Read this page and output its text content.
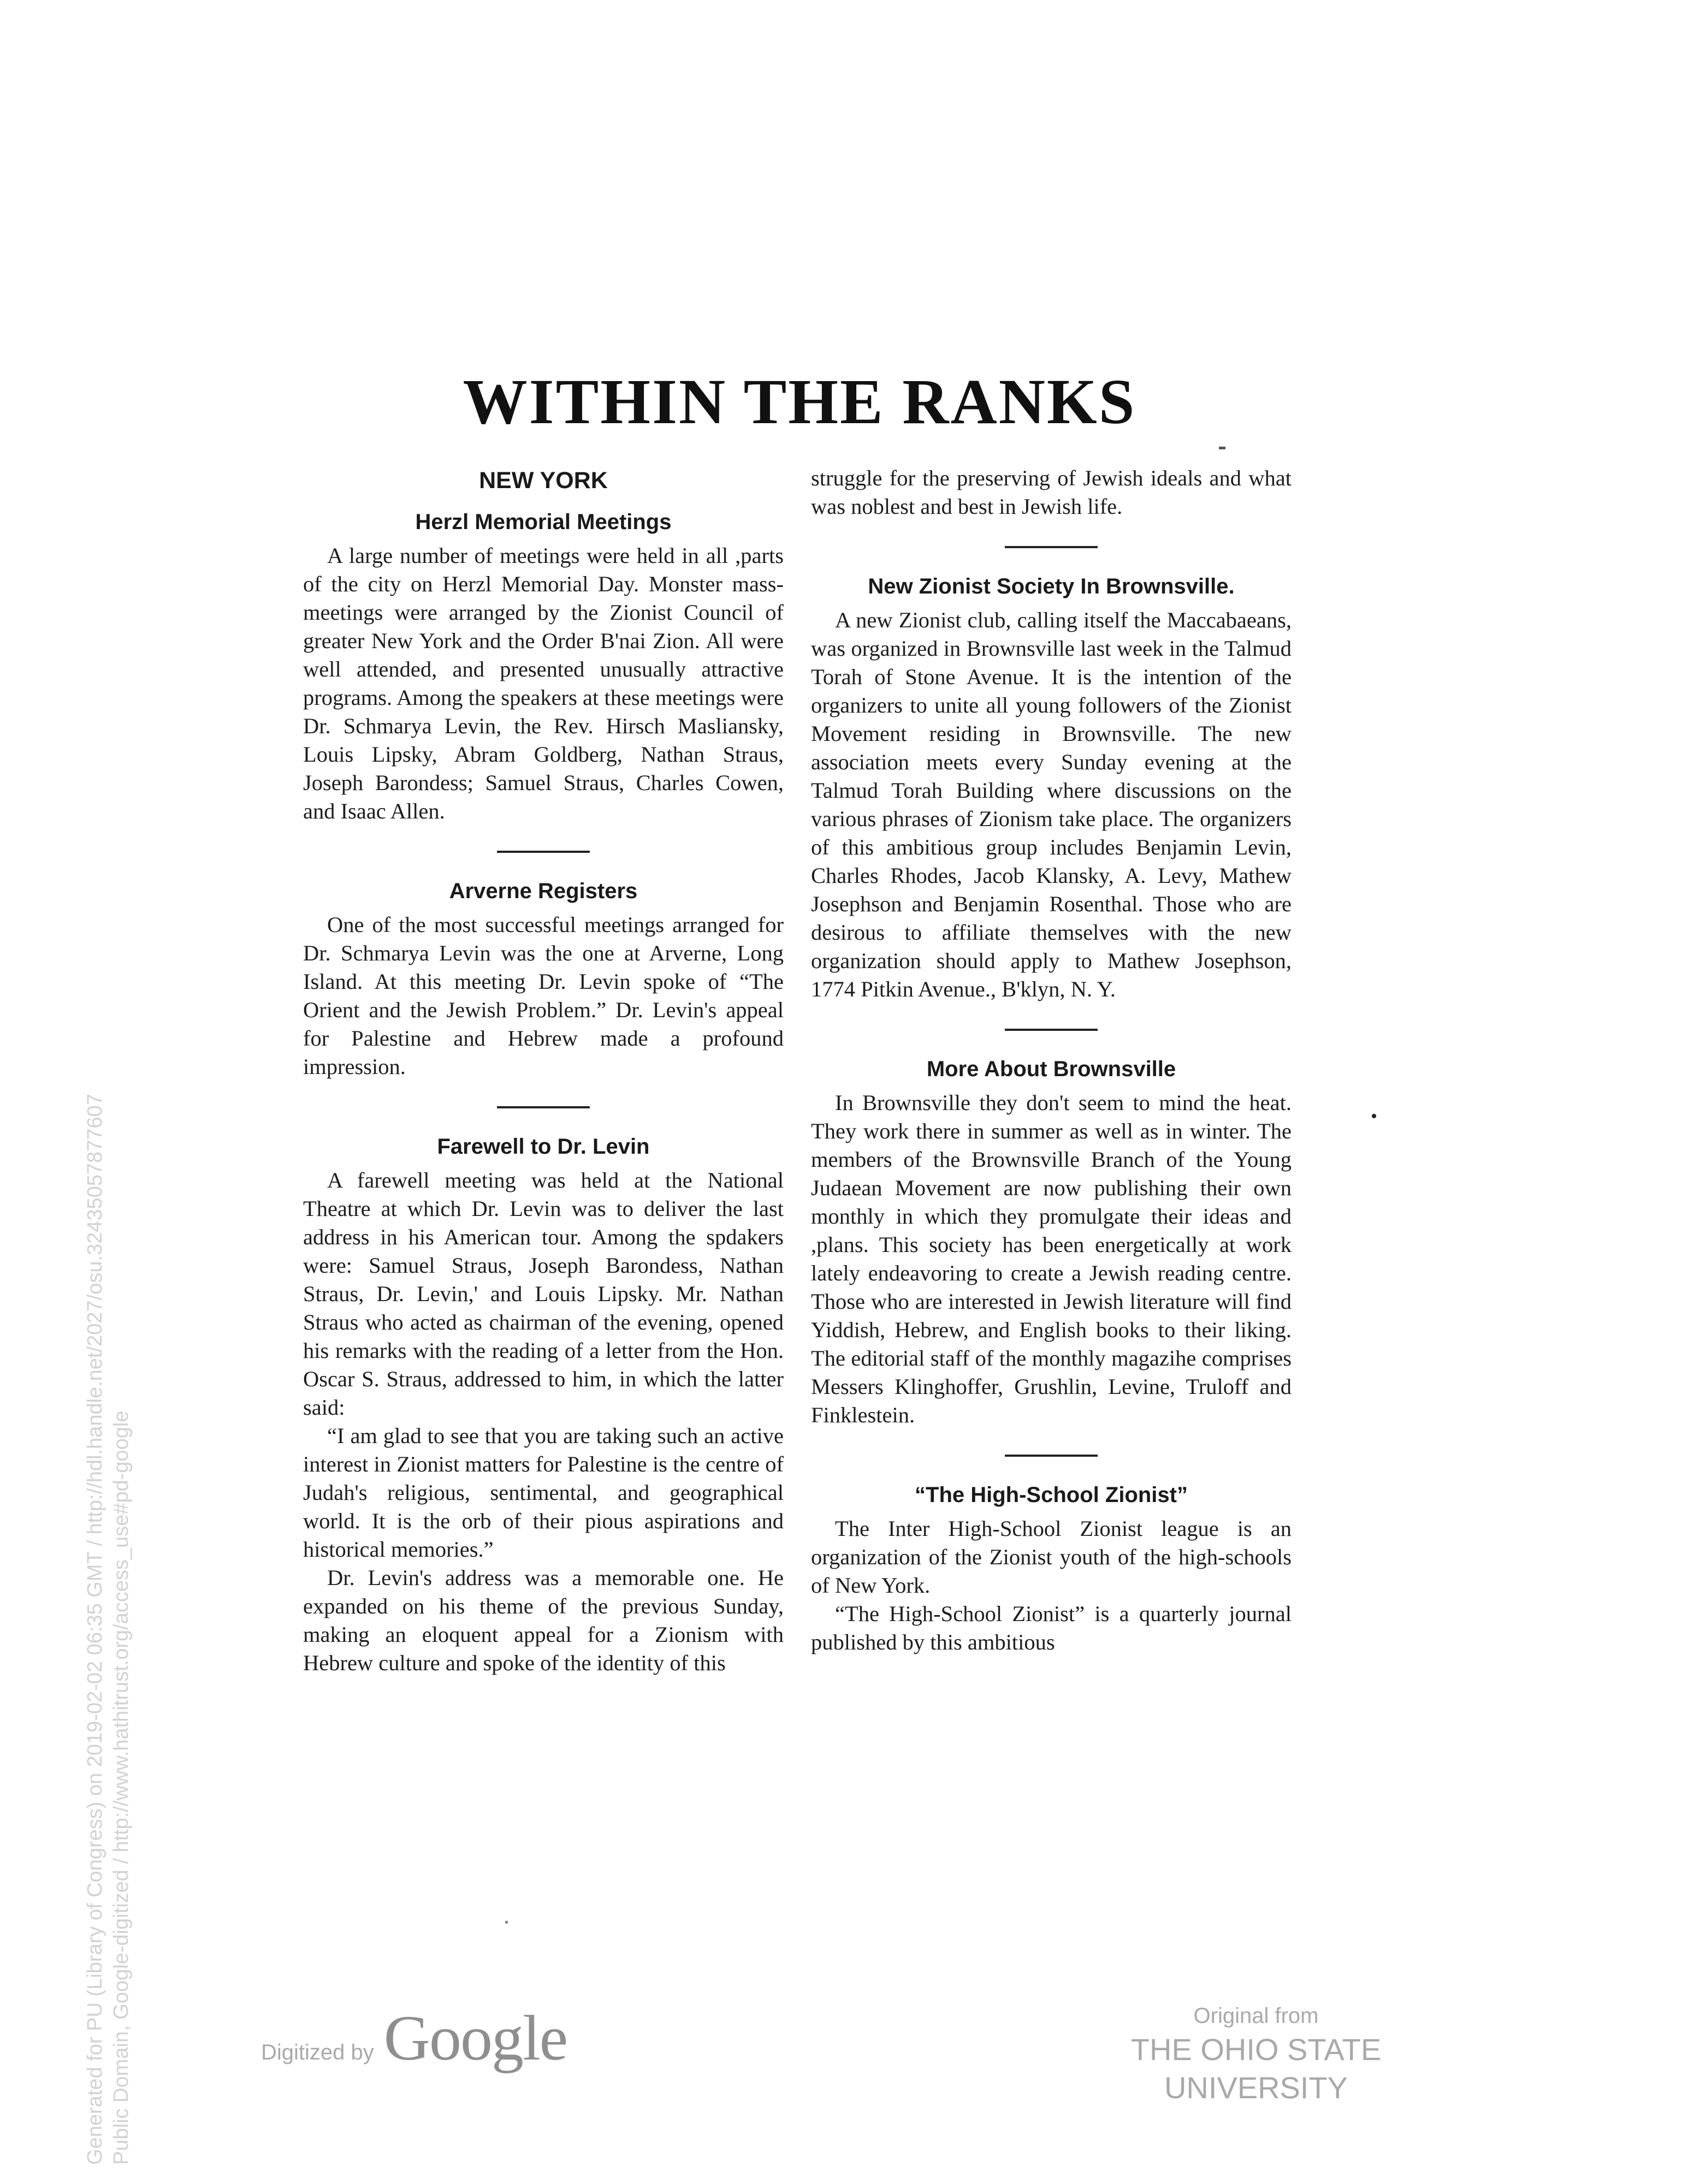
WITHIN THE RANKS
NEW YORK
Herzl Memorial Meetings

A large number of meetings were held in all ,parts of the city on Herzl Memorial Day. Monster mass-meetings were arranged by the Zionist Council of greater New York and the Order B'nai Zion. All were well attended, and presented unusually attractive programs. Among the speakers at these meetings were Dr. Schmarya Levin, the Rev. Hirsch Masliansky, Louis Lipsky, Abram Goldberg, Nathan Straus, Joseph Barondess; Samuel Straus, Charles Cowen, and Isaac Allen.

Arverne Registers

One of the most successful meetings arranged for Dr. Schmarya Levin was the one at Arverne, Long Island. At this meeting Dr. Levin spoke of “The Orient and the Jewish Problem.” Dr. Levin's appeal for Palestine and Hebrew made a profound impression.

Farewell to Dr. Levin

A farewell meeting was held at the National Theatre at which Dr. Levin was to deliver the last address in his American tour. Among the spdakers were: Samuel Straus, Joseph Barondess, Nathan Straus, Dr. Levin,' and Louis Lipsky. Mr. Nathan Straus who acted as chairman of the evening, opened his remarks with the reading of a letter from the Hon. Oscar S. Straus, addressed to him, in which the latter said:

“I am glad to see that you are taking such an active interest in Zionist matters for Palestine is the centre of Judah's religious, sentimental, and geographical world. It is the orb of their pious aspirations and historical memories.”

Dr. Levin's address was a memorable one. He expanded on his theme of the previous Sunday, making an eloquent appeal for a Zionism with Hebrew culture and spoke of the identity of this

struggle for the preserving of Jewish ideals and what was noblest and best in Jewish life.

New Zionist Society In Brownsville.

A new Zionist club, calling itself the Maccabaeans, was organized in Brownsville last week in the Talmud Torah of Stone Avenue. It is the intention of the organizers to unite all young followers of the Zionist Movement residing in Brownsville. The new association meets every Sunday evening at the Talmud Torah Building where discussions on the various phrases of Zionism take place. The organizers of this ambitious group includes Benjamin Levin, Charles Rhodes, Jacob Klansky, A. Levy, Mathew Josephson and Benjamin Rosenthal. Those who are desirous to affiliate themselves with the new organization should apply to Mathew Josephson, 1774 Pitkin Avenue., B'klyn, N. Y.

More About Brownsville

In Brownsville they don't seem to mind the heat. They work there in summer as well as in winter. The members of the Brownsville Branch of the Young Judaean Movement are now publishing their own monthly in which they promulgate their ideas and ,plans. This society has been energetically at work lately endeavoring to create a Jewish reading centre. Those who are interested in Jewish literature will find Yiddish, Hebrew, and English books to their liking. The editorial staff of the monthly magazihe comprises Messers Klinghoffer, Grushlin, Levine, Truloff and Finklestein.

“The High-School Zionist”

The Inter High-School Zionist league is an organization of the Zionist youth of the high-schools of New York.

“The High-School Zionist” is a quarterly journal published by this ambitious

Generated for PU (Library of Congress) on 2019-02-02 06:35 GMT / http://hdl.handle.net/2027/osu.32435057877607 Public Domain, Google-digitized / http://www.hathitrust.org/access_use#pd-google	Digitized by Google	Original from
THE OHIO STATE UNIVERSITY
